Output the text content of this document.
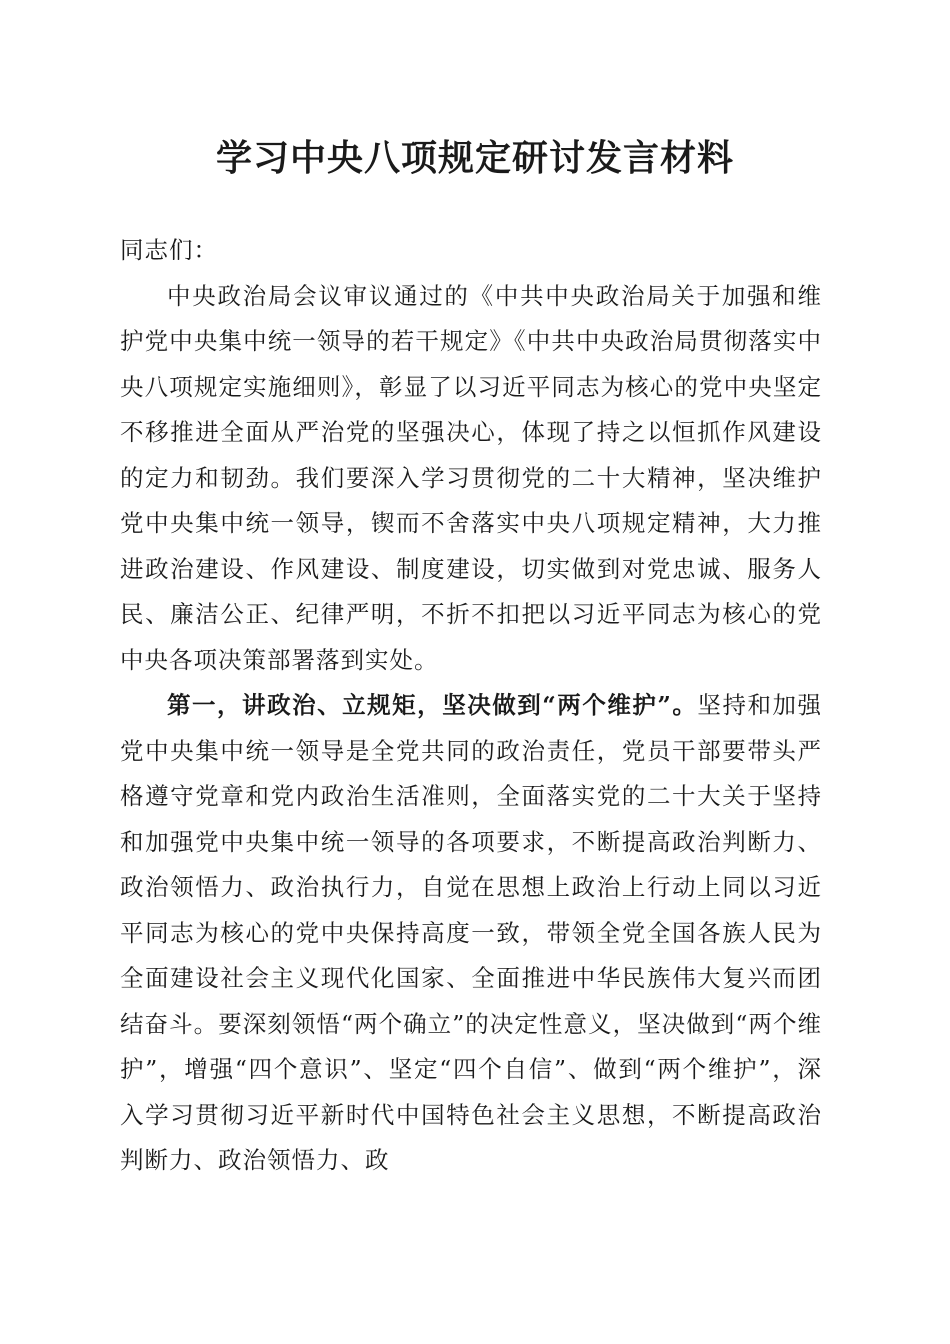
学习中央八项规定研讨发言材料

同志们：

中央政治局会议审议通过的《中共中央政治局关于加强和维护党中央集中统一领导的若干规定》《中共中央政治局贯彻落实中央八项规定实施细则》，彰显了以习近平同志为核心的党中央坚定不移推进全面从严治党的坚强决心，体现了持之以恒抓作风建设的定力和韧劲。我们要深入学习贯彻党的二十大精神，坚决维护党中央集中统一领导，锲而不舍落实中央八项规定精神，大力推进政治建设、作风建设、制度建设，切实做到对党忠诚、服务人民、廉洁公正、纪律严明，不折不扣把以习近平同志为核心的党中央各项决策部署落到实处。

第一，讲政治、立规矩，坚决做到“两个维护”。坚持和加强党中央集中统一领导是全党共同的政治责任，党员干部要带头严格遵守党章和党内政治生活准则，全面落实党的二十大关于坚持和加强党中央集中统一领导的各项要求，不断提高政治判断力、政治领悟力、政治执行力，自觉在思想上政治上行动上同以习近平同志为核心的党中央保持高度一致，带领全党全国各族人民为全面建设社会主义现代化国家、全面推进中华民族伟大复兴而团结奋斗。要深刻领悟“两个确立”的决定性意义，坚决做到“两个维护”，增强“四个意识”、坚定“四个自信”、做到“两个维护”，深入学习贯彻习近平新时代中国特色社会主义思想，不断提高政治判断力、政治领悟力、政
